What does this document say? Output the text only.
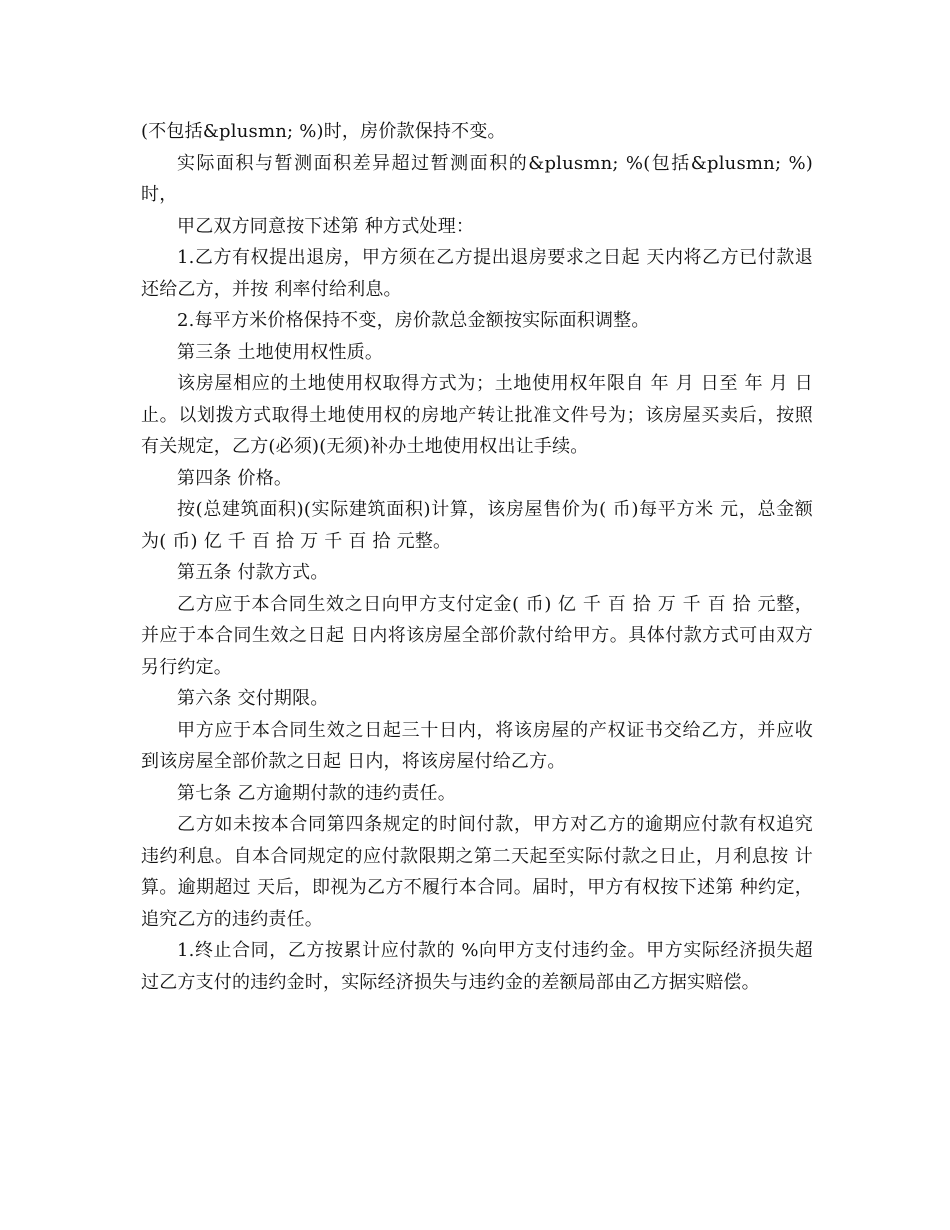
(不包括&plusmn; %)时，房价款保持不变。

实际面积与暂测面积差异超过暂测面积的&plusmn; %(包括&plusmn; %)时，

甲乙双方同意按下述第 种方式处理：

1.乙方有权提出退房，甲方须在乙方提出退房要求之日起 天内将乙方已付款退还给乙方，并按 利率付给利息。

2.每平方米价格保持不变，房价款总金额按实际面积调整。

第三条 土地使用权性质。

该房屋相应的土地使用权取得方式为；土地使用权年限自 年 月 日至 年 月 日止。以划拨方式取得土地使用权的房地产转让批准文件号为；该房屋买卖后，按照有关规定，乙方(必须)(无须)补办土地使用权出让手续。

第四条 价格。

按(总建筑面积)(实际建筑面积)计算，该房屋售价为( 币)每平方米 元，总金额为( 币) 亿 千 百 拾 万 千 百 拾 元整。

第五条 付款方式。

乙方应于本合同生效之日向甲方支付定金( 币) 亿 千 百 拾 万 千 百 拾 元整，并应于本合同生效之日起 日内将该房屋全部价款付给甲方。具体付款方式可由双方另行约定。

第六条 交付期限。

甲方应于本合同生效之日起三十日内，将该房屋的产权证书交给乙方，并应收到该房屋全部价款之日起 日内，将该房屋付给乙方。

第七条 乙方逾期付款的违约责任。

乙方如未按本合同第四条规定的时间付款，甲方对乙方的逾期应付款有权追究违约利息。自本合同规定的应付款限期之第二天起至实际付款之日止，月利息按 计算。逾期超过 天后，即视为乙方不履行本合同。届时，甲方有权按下述第 种约定，追究乙方的违约责任。

1.终止合同，乙方按累计应付款的 %向甲方支付违约金。甲方实际经济损失超过乙方支付的违约金时，实际经济损失与违约金的差额局部由乙方据实赔偿。
